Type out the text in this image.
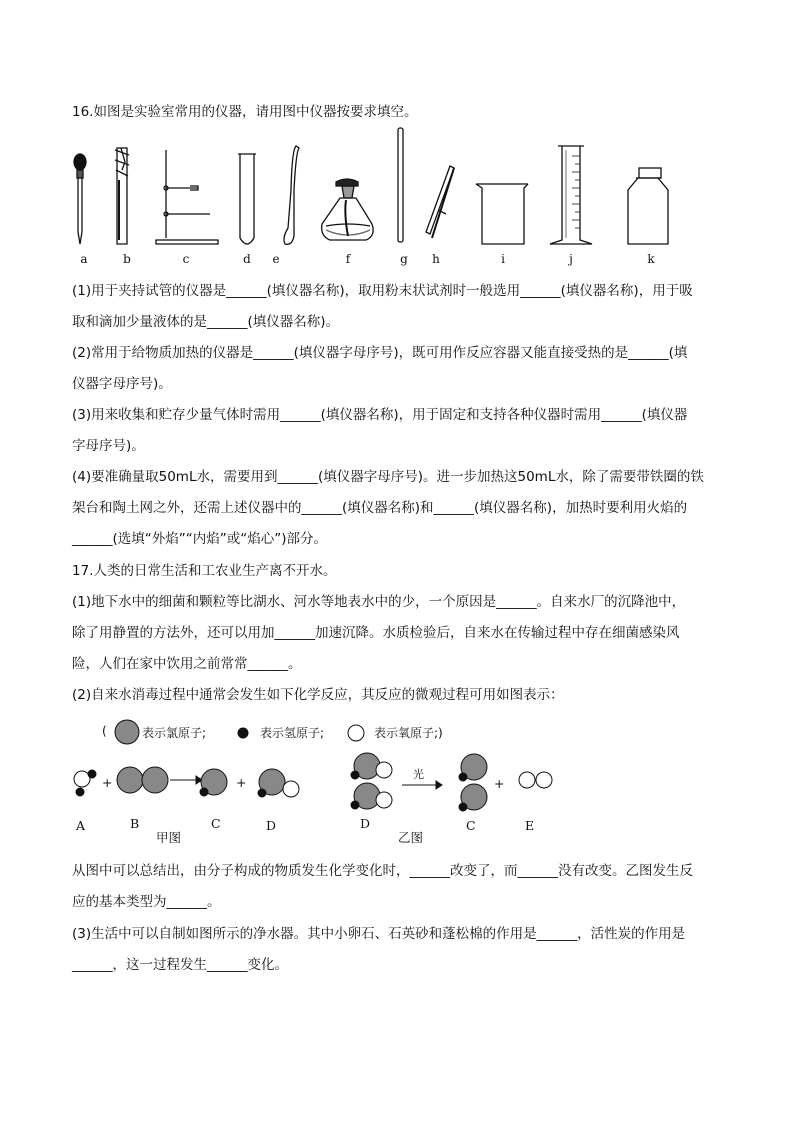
16.如图是实验室常用的仪器，请用图中仪器按要求填空。
a	b	c	d	e	f	g	h	i	j	k
(1)用于夹持试管的仪器是______(填仪器名称)，取用粉末状试剂时一般选用______(填仪器名称)，用于吸
取和滴加少量液体的是______(填仪器名称)。
(2)常用于给物质加热的仪器是______(填仪器字母序号)，既可用作反应容器又能直接受热的是______(填
仪器字母序号)。
(3)用来收集和贮存少量气体时需用______(填仪器名称)，用于固定和支持各种仪器时需用______(填仪器
字母序号)。
(4)要准确量取50mL水，需要用到______(填仪器字母序号)。进一步加热这50mL水，除了需要带铁圈的铁
架台和陶土网之外，还需上述仪器中的______(填仪器名称)和______(填仪器名称)，加热时要利用火焰的
______(选填“外焰”“内焰”或“焰心”)部分。
17.人类的日常生活和工农业生产离不开水。
(1)地下水中的细菌和颗粒等比湖水、河水等地表水中的少，一个原因是______。自来水厂的沉降池中，
除了用静置的方法外，还可以用加______加速沉降。水质检验后，自来水在传输过程中存在细菌感染风
险，人们在家中饮用之前常常______。
(2)自来水消毒过程中通常会发生如下化学反应，其反应的微观过程可用如图表示：
(	表示氯原子;	表示氢原子;	表示氧原子;)
+	+	+
光
A	B	C	D
甲图
D	C	E
乙图
从图中可以总结出，由分子构成的物质发生化学变化时，______改变了，而______没有改变。乙图发生反
应的基本类型为______。
(3)生活中可以自制如图所示的净水器。其中小卵石、石英砂和蓬松棉的作用是______，活性炭的作用是
______，这一过程发生______变化。
